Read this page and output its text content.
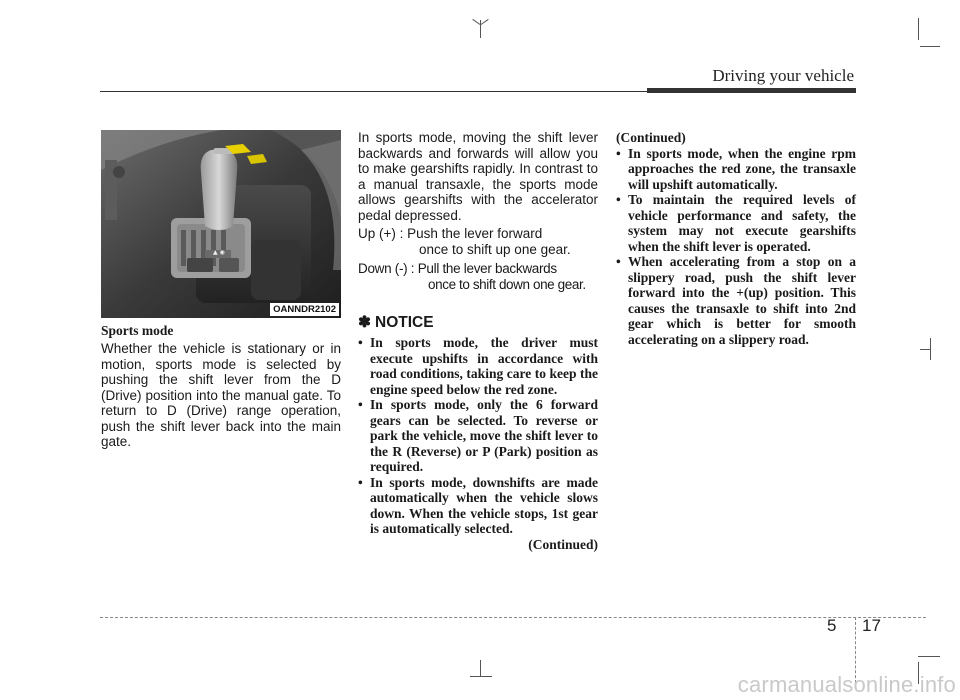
Driving your vehicle
▲ ◉
OANNDR2102
Sports mode
Whether the vehicle is stationary or in motion, sports mode is selected by pushing the shift lever from the D (Drive) position into the manual gate. To return to D (Drive) range operation, push the shift lever back into the main gate.
In sports mode, moving the shift lever backwards and forwards will allow you to make gearshifts rapidly. In contrast to a manual transaxle, the sports mode allows gearshifts with the accelerator pedal depressed.
Up (+) : Push the lever forward
once to shift up one gear.
Down (-) : Pull the lever backwards
once to shift down one gear.
✽ NOTICE
• In sports mode, the driver must execute upshifts in accordance with road conditions, taking care to keep the engine speed below the red zone.
• In sports mode, only the 6 forward gears can be selected. To reverse or park the vehicle, move the shift lever to the R (Reverse) or P (Park) position as required.
• In sports mode, downshifts are made automatically when the vehicle slows down. When the vehicle stops, 1st gear is automatically selected.
(Continued)
(Continued)
• In sports mode, when the engine rpm approaches the red zone, the transaxle will upshift automatically.
• To maintain the required levels of vehicle performance and safety, the system may not execute gearshifts when the shift lever is operated.
• When accelerating from a stop on a slippery road, push the shift lever forward into the +(up) position. This causes the transaxle to shift into 2nd gear which is better for smooth accelerating on a slippery road.
5 17
carmanualsonline.info
